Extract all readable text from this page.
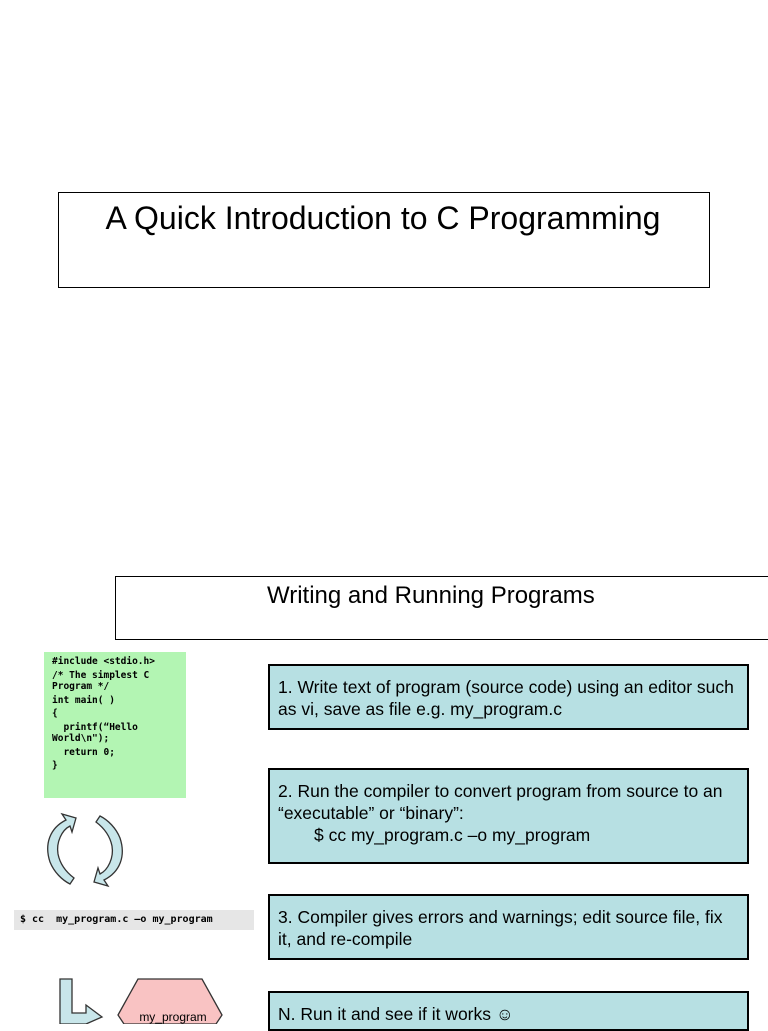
A Quick Introduction to C Programming
Writing and Running Programs
#include <stdio.h>
/* The simplest C Program */
int main( )
{
printf(“Hello World\n");
return 0;
}
$ cc  my_program.c –o my_program
my_program
1. Write text of program (source code) using an editor such as vi, save as file e.g. my_program.c
2. Run the compiler to convert program from source to an “executable” or “binary”:
$ cc my_program.c –o my_program
3. Compiler gives errors and warnings; edit source file, fix it, and re-compile
N. Run it and see if it works ☺
